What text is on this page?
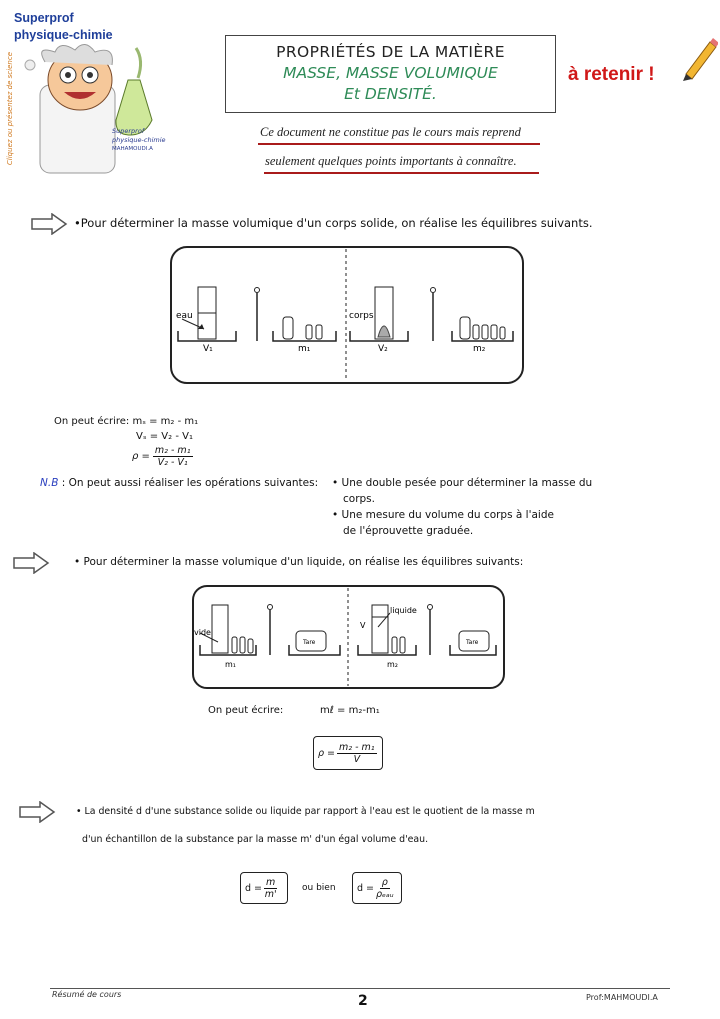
Superprof
physique-chimie
Cliquez ou présentez de science	Superprof
physique-chimie
MAHAMOUDI.A
PROPRIÉTÉS DE LA MATIÈRE
MASSE, MASSE VOLUMIQUE
Et DENSITÉ.
à retenir !
Ce document ne constitue pas le cours mais reprend
seulement quelques points importants à connaître.
•Pour déterminer la masse volumique d'un corps solide, on réalise les équilibres suivants.
eau
V₁	m₁
corps
V₂	m₂
On peut écrire: mₛ = m₂ - m₁
Vₛ = V₂ - V₁
$\rho = \frac{\text{m₂ - m₁}}{\text{V₂ - V₁}}$
N.B : On peut aussi réaliser les opérations suivantes: • Une double pesée pour déterminer la masse du
corps.
• Une mesure du volume du corps à l'aide
de l'éprouvette graduée.
• Pour déterminer la masse volumique d'un liquide, on réalise les équilibres suivants:
vide
m₁
Tare
liquide
V
m₂
Tare
On peut écrire:	mℓ = m₂-m₁
$\rho = \frac{\text{m₂ - m₁}}{V}$
• La densité d d'une substance solide ou liquide par rapport à l'eau est le quotient de la masse m
d'un échantillon de la substance par la masse m' d'un égal volume d'eau.
$d = \frac{m}{m'}$	ou bien $d = \frac{\rho}{\text{ρₑₐᵤ}}$
Résumé de cours	2	Prof:MAHMOUDI.A
